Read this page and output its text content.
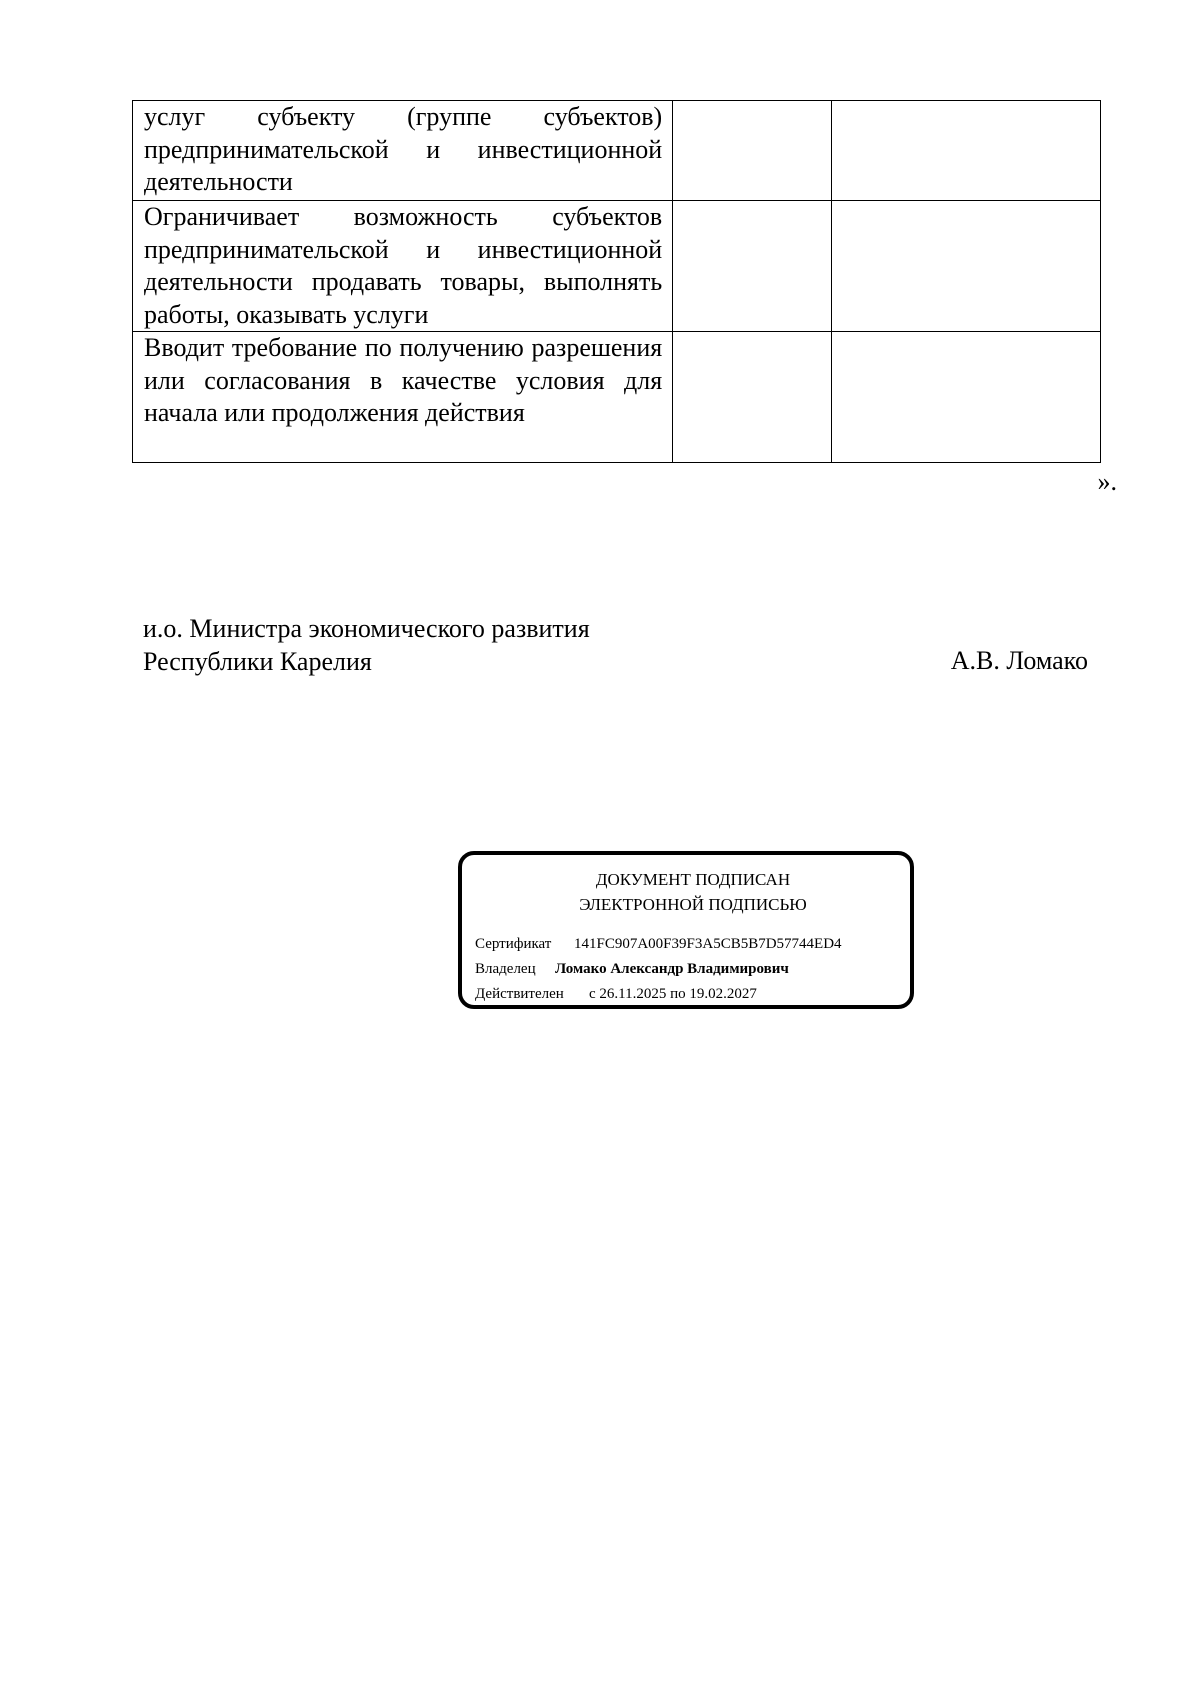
услуг субъекту (группе субъектов) предпринимательской и инвестиционной деятельности		

Ограничивает возможность субъектов предпринимательской и инвестиционной деятельности продавать товары, выполнять работы, оказывать услуги		

Вводит требование по получению разрешения или согласования в качестве условия для начала или продолжения действия		

».
и.о. Министра экономического развития
Республики Карелия	А.В. Ломако
ДОКУМЕНТ ПОДПИСАН
ЭЛЕКТРОННОЙ ПОДПИСЬЮ
Сертификат 141FC907A00F39F3A5CB5B7D57744ED4
Владелец Ломако Александр Владимирович
Действителен с 26.11.2025 по 19.02.2027
